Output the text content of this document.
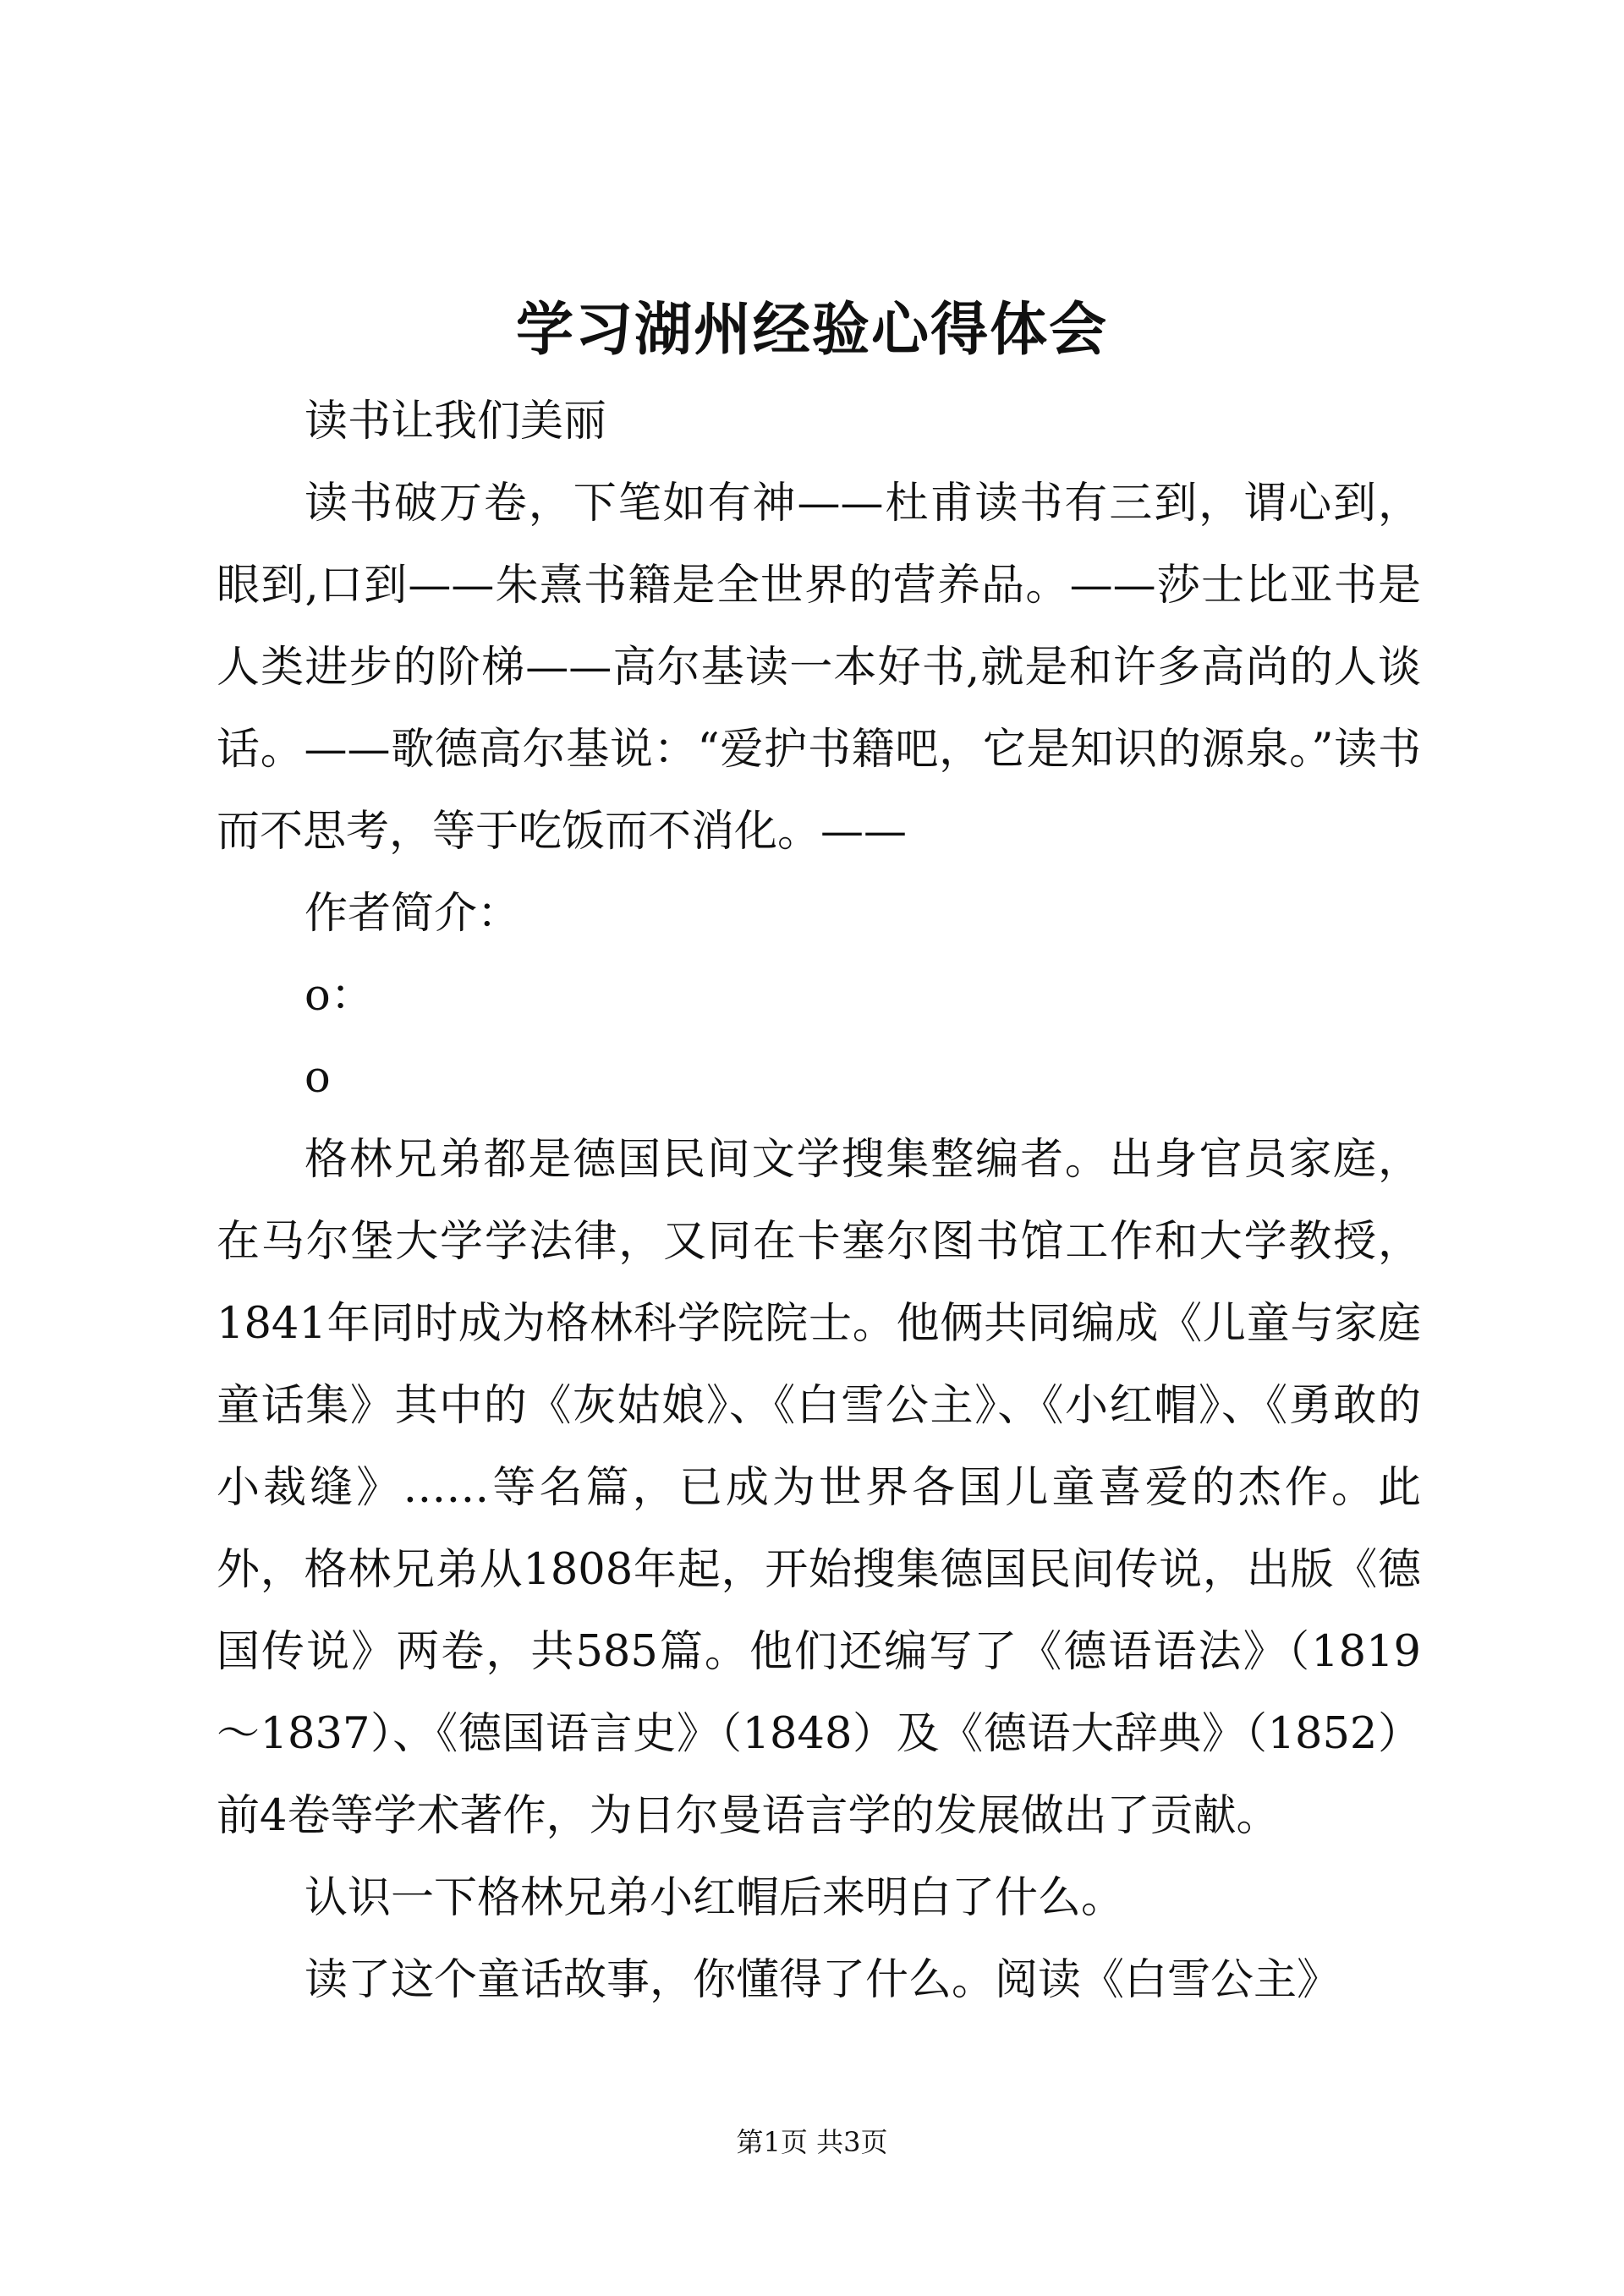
学习湖州经验心得体会

读书让我们美丽

读书破万卷，下笔如有神——杜甫读书有三到，谓心到，眼到,口到——朱熹书籍是全世界的营养品。——莎士比亚书是人类进步的阶梯——高尔基读一本好书,就是和许多高尚的人谈话。——歌德高尔基说：“爱护书籍吧，它是知识的源泉。”读书而不思考，等于吃饭而不消化。——

作者简介：

o：

o

格林兄弟都是德国民间文学搜集整编者。出身官员家庭，在马尔堡大学学法律，又同在卡塞尔图书馆工作和大学教授，1841年同时成为格林科学院院士。他俩共同编成《儿童与家庭童话集》其中的《灰姑娘》、《白雪公主》、《小红帽》、《勇敢的小裁缝》……等名篇，已成为世界各国儿童喜爱的杰作。此外，格林兄弟从1808年起，开始搜集德国民间传说，出版《德国传说》两卷，共585篇。他们还编写了《德语语法》（1819～1837）、《德国语言史》（1848）及《德语大辞典》（1852）前4卷等学术著作，为日尔曼语言学的发展做出了贡献。

认识一下格林兄弟小红帽后来明白了什么。

读了这个童话故事，你懂得了什么。阅读《白雪公主》

第1页 共3页
